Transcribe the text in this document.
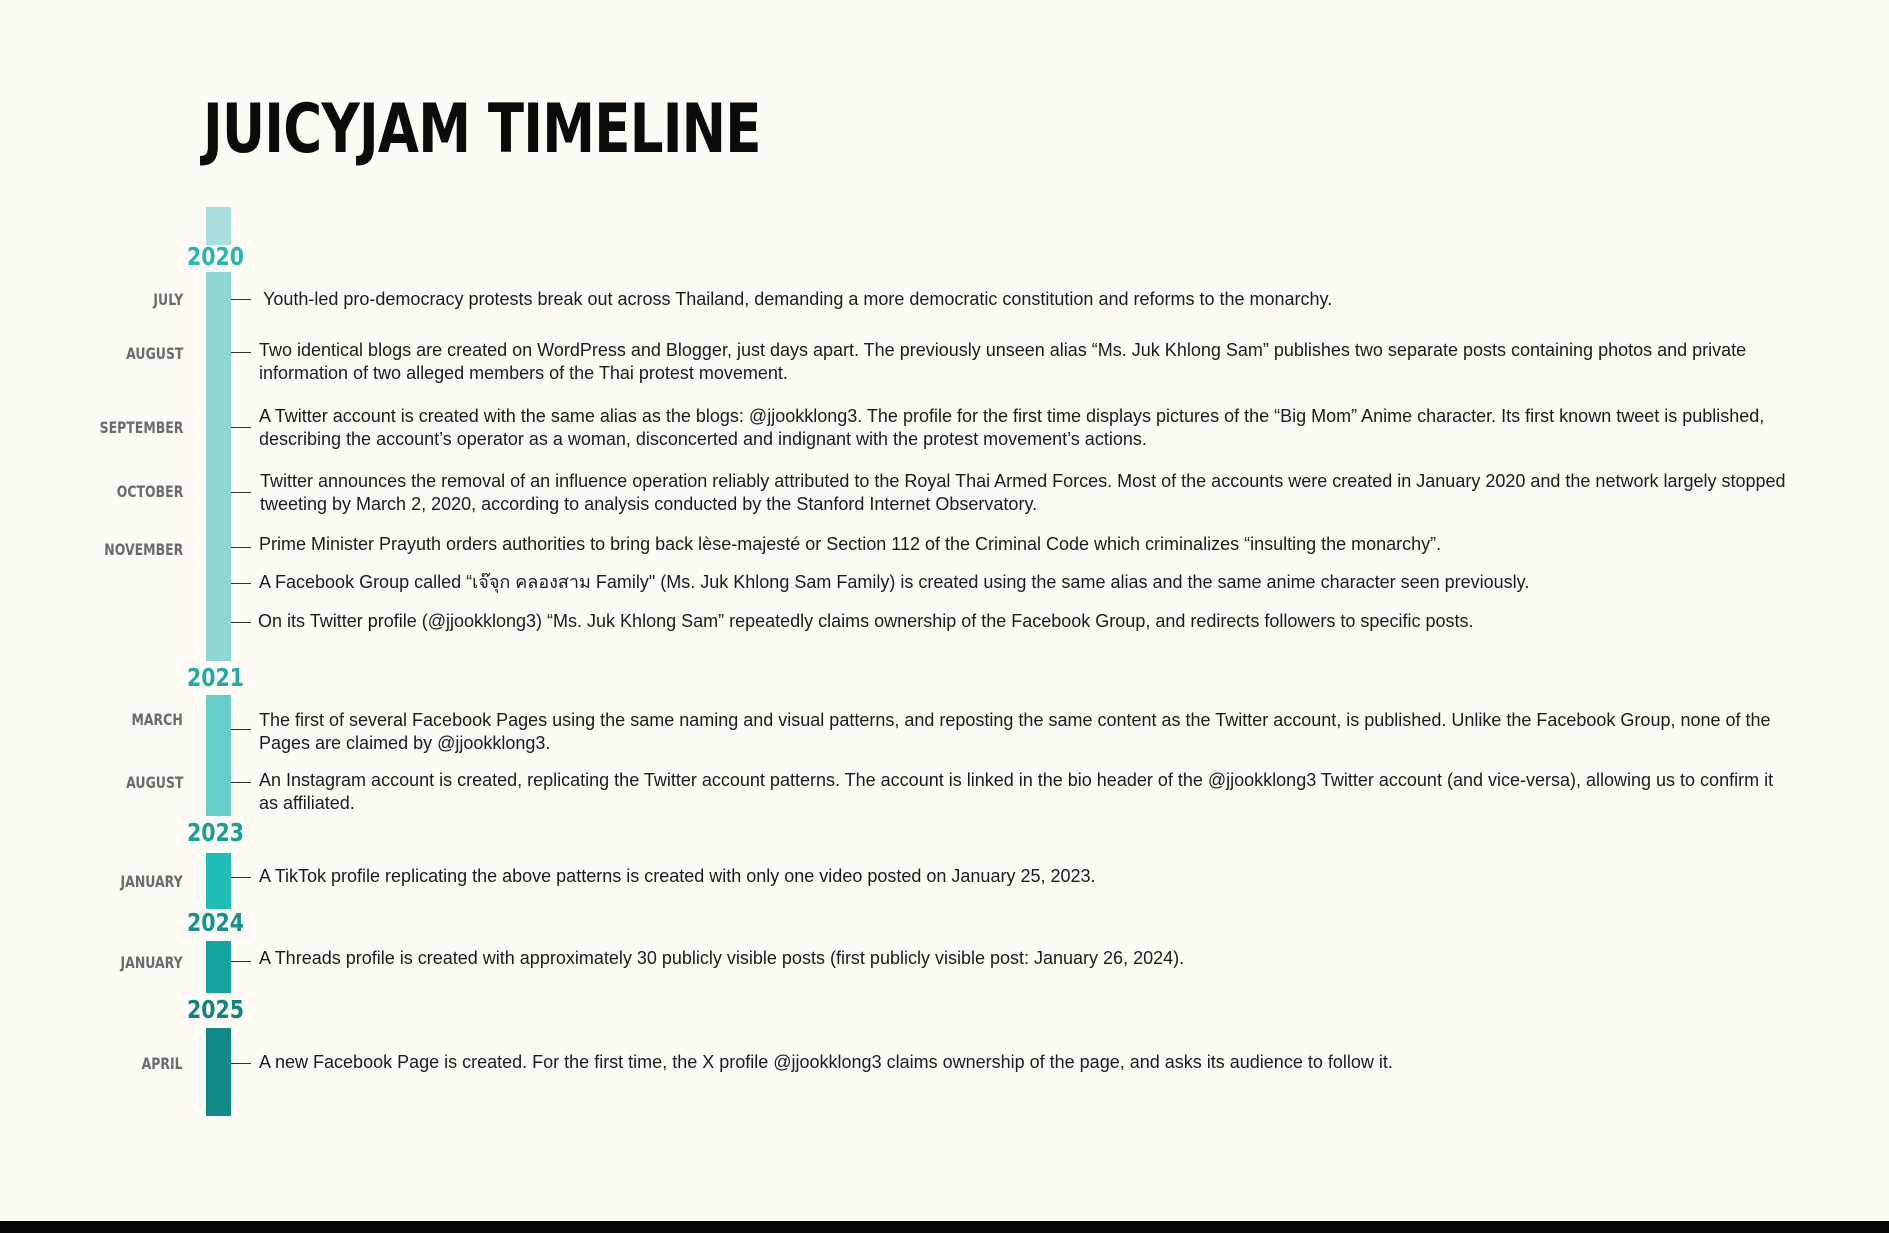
JUICYJAM TIMELINE
2020
2021
2023
2024
2025
JULY
AUGUST
SEPTEMBER
OCTOBER
NOVEMBER
MARCH
AUGUST
JANUARY
JANUARY
APRIL
Youth-led pro-democracy protests break out across Thailand, demanding a more democratic constitution and reforms to the monarchy.
Two identical blogs are created on WordPress and Blogger, just days apart. The previously unseen alias “Ms. Juk Khlong Sam” publishes two separate posts containing photos and private information of two alleged members of the Thai protest movement.
A Twitter account is created with the same alias as the blogs: @jjookklong3. The profile for the first time displays pictures of the “Big Mom” Anime character. Its first known tweet is published, describing the account’s operator as a woman, disconcerted and indignant with the protest movement’s actions.
Twitter announces the removal of an influence operation reliably attributed to the Royal Thai Armed Forces. Most of the accounts were created in January 2020 and the network largely stopped tweeting by March 2, 2020, according to analysis conducted by the Stanford Internet Observatory.
Prime Minister Prayuth orders authorities to bring back lèse-majesté or Section 112 of the Criminal Code which criminalizes “insulting the monarchy”.
A Facebook Group called “เจ๊จุก คลองสาม Family" (Ms. Juk Khlong Sam Family) is created using the same alias and the same anime character seen previously.
On its Twitter profile (@jjookklong3) “Ms. Juk Khlong Sam” repeatedly claims ownership of the Facebook Group, and redirects followers to specific posts.
The first of several Facebook Pages using the same naming and visual patterns, and reposting the same content as the Twitter account, is published. Unlike the Facebook Group, none of the Pages are claimed by @jjookklong3.
An Instagram account is created, replicating the Twitter account patterns. The account is linked in the bio header of the @jjookklong3 Twitter account (and vice-versa), allowing us to confirm it as affiliated.
A TikTok profile replicating the above patterns is created with only one video posted on January 25, 2023.
A Threads profile is created with approximately 30 publicly visible posts (first publicly visible post: January 26, 2024).
A new Facebook Page is created. For the first time, the X profile @jjookklong3 claims ownership of the page, and asks its audience to follow it.
